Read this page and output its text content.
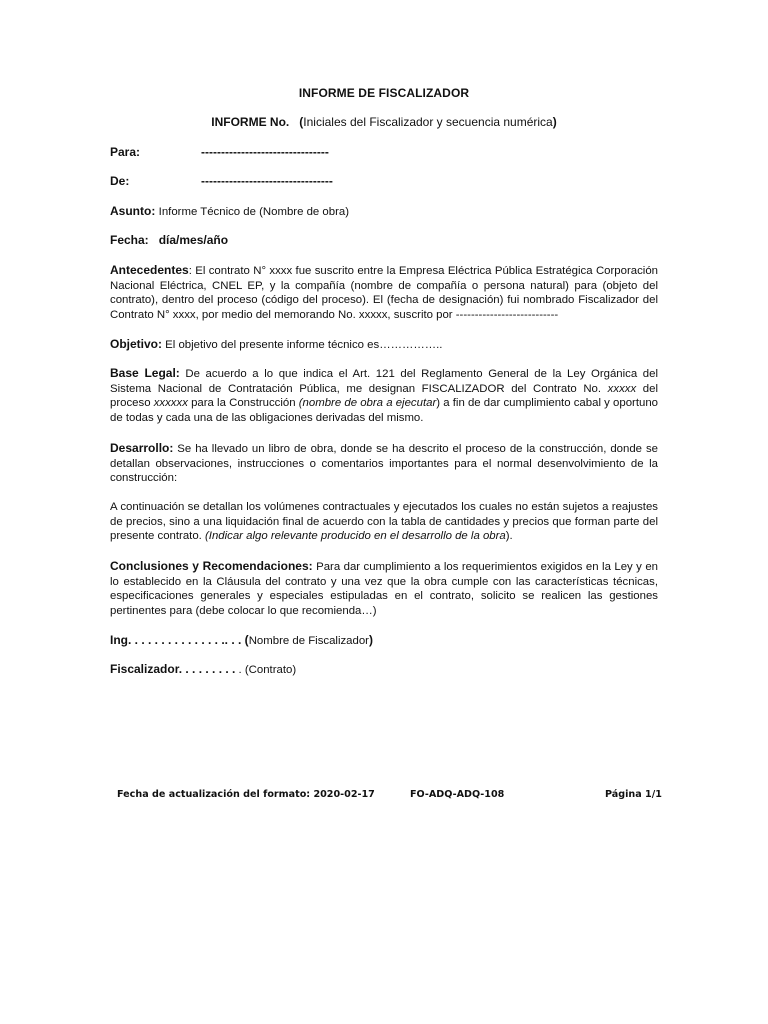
INFORME DE FISCALIZADOR
INFORME No. (Iniciales del Fiscalizador y secuencia numérica)
Para:	--------------------------------
De:	---------------------------------
Asunto: Informe Técnico de (Nombre de obra)
Fecha: día/mes/año
Antecedentes: El contrato N° xxxx fue suscrito entre la Empresa Eléctrica Pública Estratégica Corporación Nacional Eléctrica, CNEL EP, y la compañía (nombre de compañía o persona natural) para (objeto del contrato), dentro del proceso (código del proceso). El (fecha de designación) fui nombrado Fiscalizador del Contrato N° xxxx, por medio del memorando No. xxxxx, suscrito por ---------------------------
Objetivo: El objetivo del presente informe técnico es……………..
Base Legal: De acuerdo a lo que indica el Art. 121 del Reglamento General de la Ley Orgánica del Sistema Nacional de Contratación Pública, me designan FISCALIZADOR del Contrato No. xxxxx del proceso xxxxxx para la Construcción (nombre de obra a ejecutar) a fin de dar cumplimiento cabal y oportuno de todas y cada una de las obligaciones derivadas del mismo.
Desarrollo: Se ha llevado un libro de obra, donde se ha descrito el proceso de la construcción, donde se detallan observaciones, instrucciones o comentarios importantes para el normal desenvolvimiento de la construcción:
A continuación se detallan los volúmenes contractuales y ejecutados los cuales no están sujetos a reajustes de precios, sino a una liquidación final de acuerdo con la tabla de cantidades y precios que forman parte del presente contrato. (Indicar algo relevante producido en el desarrollo de la obra).
Conclusiones y Recomendaciones: Para dar cumplimiento a los requerimientos exigidos en la Ley y en lo establecido en la Cláusula del contrato y una vez que la obra cumple con las características técnicas, especificaciones generales y especiales estipuladas en el contrato, solicito se realicen las gestiones pertinentes para (debe colocar lo que recomienda…)
Ing. . . . . . . . . . . . . . .. . . (Nombre de Fiscalizador)
Fiscalizador. . . . . . . . . . (Contrato)
Fecha de actualización del formato: 2020-02-17	FO-ADQ-ADQ-108	Página 1/1
